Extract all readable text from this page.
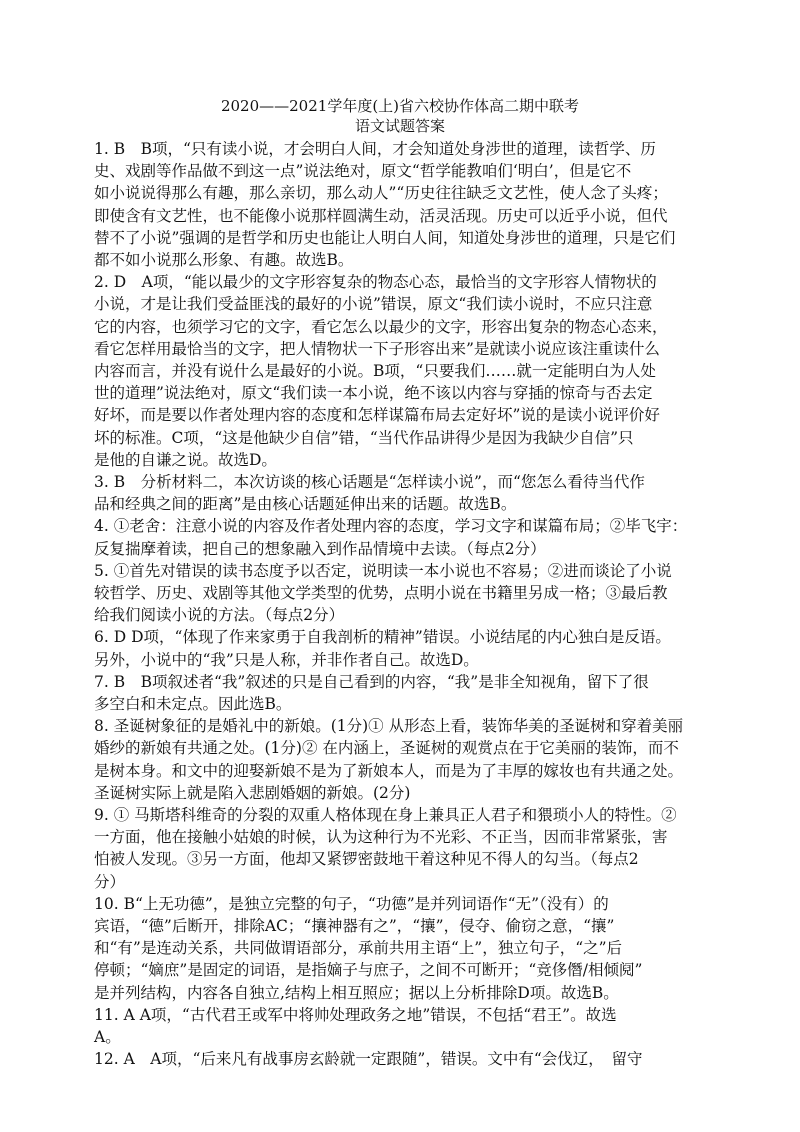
2020——2021学年度(上)省六校协作体高二期中联考
语文试题答案
1. B　B项，“只有读小说，才会明白人间，才会知道处身涉世的道理，读哲学、历
史、戏剧等作品做不到这一点”说法绝对，原文“哲学能教咱们‘明白’，但是它不
如小说说得那么有趣，那么亲切，那么动人”“历史往往缺乏文艺性，使人念了头疼；
即使含有文艺性，也不能像小说那样圆满生动，活灵活现。历史可以近乎小说，但代
替不了小说”强调的是哲学和历史也能让人明白人间，知道处身涉世的道理，只是它们
都不如小说那么形象、有趣。故选B。
2. D　A项，“能以最少的文字形容复杂的物态心态，最恰当的文字形容人情物状的
小说，才是让我们受益匪浅的最好的小说”错误，原文“我们读小说时，不应只注意
它的内容，也须学习它的文字，看它怎么以最少的文字，形容出复杂的物态心态来，
看它怎样用最恰当的文字，把人情物状一下子形容出来”是就读小说应该注重读什么
内容而言，并没有说什么是最好的小说。B项，“只要我们……就一定能明白为人处
世的道理”说法绝对，原文“我们读一本小说，绝不该以内容与穿插的惊奇与否去定
好坏，而是要以作者处理内容的态度和怎样谋篇布局去定好坏”说的是读小说评价好
坏的标准。C项，“这是他缺少自信”错，“当代作品讲得少是因为我缺少自信”只
是他的自谦之说。故选D。
3. B　分析材料二，本次访谈的核心话题是“怎样读小说”，而“您怎么看待当代作
品和经典之间的距离”是由核心话题延伸出来的话题。故选B。
4. ①老舍：注意小说的内容及作者处理内容的态度，学习文字和谋篇布局；②毕飞宇：
反复揣摩着读，把自己的想象融入到作品情境中去读。（每点2分）
5. ①首先对错误的读书态度予以否定，说明读一本小说也不容易；②进而谈论了小说
较哲学、历史、戏剧等其他文学类型的优势，点明小说在书籍里另成一格；③最后教
给我们阅读小说的方法。（每点2分）
6. D D项，“体现了作来家勇于自我剖析的精神”错误。小说结尾的内心独白是反语。
另外，小说中的“我”只是人称，并非作者自己。故选D。
7. B　B项叙述者“我”叙述的只是自己看到的内容，“我”是非全知视角，留下了很
多空白和未定点。因此选B。
8. 圣诞树象征的是婚礼中的新娘。(1分)① 从形态上看，装饰华美的圣诞树和穿着美丽
婚纱的新娘有共通之处。(1分)② 在内涵上，圣诞树的观赏点在于它美丽的装饰，而不
是树本身。和文中的迎娶新娘不是为了新娘本人，而是为了丰厚的嫁妆也有共通之处。
圣诞树实际上就是陷入悲剧婚姻的新娘。(2分)
9. ① 马斯塔科维奇的分裂的双重人格体现在身上兼具正人君子和猥琐小人的特性。②
一方面，他在接触小姑娘的时候，认为这种行为不光彩、不正当，因而非常紧张，害
怕被人发现。③另一方面，他却又紧锣密鼓地干着这种见不得人的勾当。（每点2
分）
10. B“上无功德”，是独立完整的句子，“功德”是并列词语作“无”（没有）的
宾语，“德”后断开，排除AC；“攘神器有之”，“攘”，侵夺、偷窃之意，“攘”
和“有”是连动关系，共同做谓语部分，承前共用主语“上”，独立句子，“之”后
停顿；“嫡庶”是固定的词语，是指嫡子与庶子，之间不可断开；“竞侈僭/相倾阋”
是并列结构，内容各自独立,结构上相互照应；据以上分析排除D项。故选B。
11. A A项，“古代君王或军中将帅处理政务之地”错误，不包括“君王”。故选
A。
12. A　A项，“后来凡有战事房玄龄就一定跟随”，错误。文中有“会伐辽，　留守
